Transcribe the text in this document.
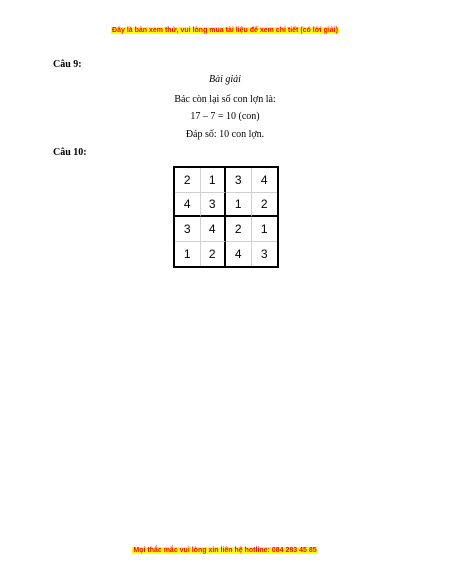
Đây là bản xem thử, vui lòng mua tài liệu để xem chi tiết (có lời giải)
Câu 9:
Bài giải
Bác còn lại số con lợn là:
17 – 7 = 10 (con)
Đáp số: 10 con lợn.
Câu 10:
2	1	3	4
4	3	1	2
3	4	2	1
1	2	4	3
Mọi thắc mắc vui lòng xin liên hệ hotline: 084 283 45 85
